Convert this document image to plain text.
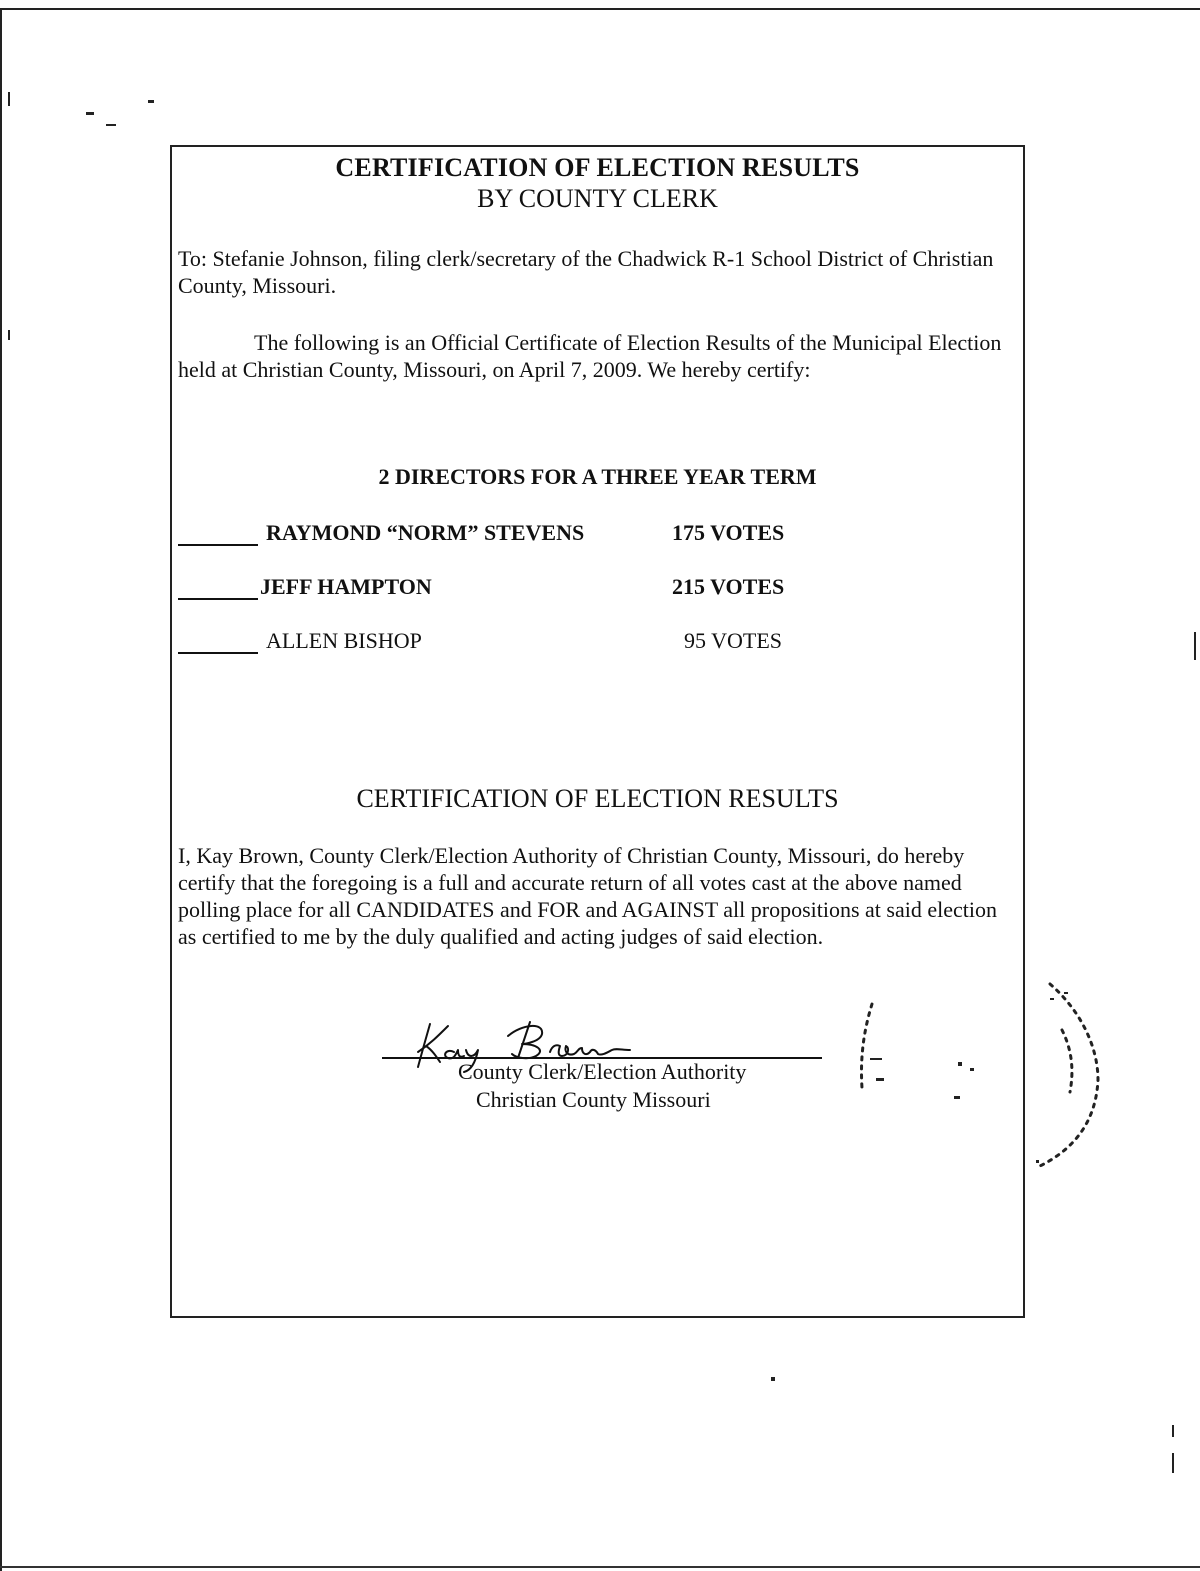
CERTIFICATION OF ELECTION RESULTS
BY COUNTY CLERK
To: Stefanie Johnson, filing clerk/secretary of the Chadwick R-1 School District of Christian County, Missouri.
The following is an Official Certificate of Election Results of the Municipal Election held at Christian County, Missouri, on April 7, 2009. We hereby certify:
2 DIRECTORS FOR A THREE YEAR TERM
RAYMOND “NORM” STEVENS	175 VOTES
JEFF HAMPTON	215 VOTES
ALLEN BISHOP	95 VOTES
CERTIFICATION OF ELECTION RESULTS
I, Kay Brown, County Clerk/Election Authority of Christian County, Missouri, do hereby certify that the foregoing is a full and accurate return of all votes cast at the above named polling place for all CANDIDATES and FOR and AGAINST all propositions at said election as certified to me by the duly qualified and acting judges of said election.
County Clerk/Election Authority
Christian County Missouri
